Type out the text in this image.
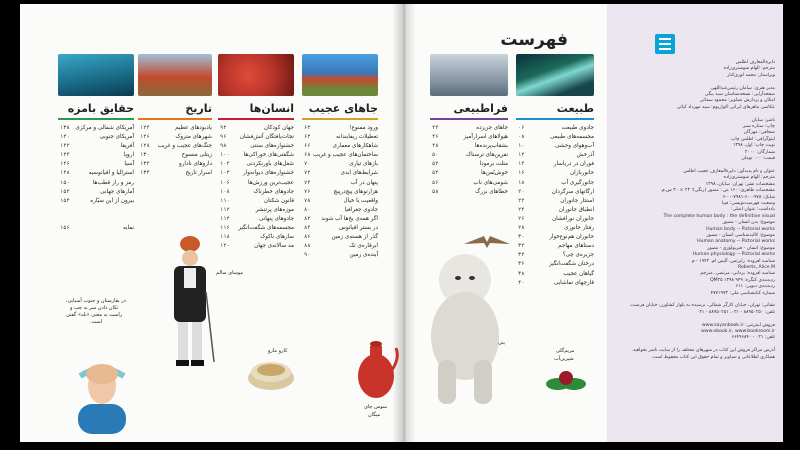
فهرست
طبیعت
جادوی طبیعت
۰۶
مجسمه‌های طبیعی
۰۸
آب‌وهوای وحشی
۱۰
آذرخش
۱۲
فوران در دریاسار
۱۴
جانوربازان
۱۶
جانورگیری آب
۱۸
ارگانهای سرگردان
۲۰
استتار جانوران
۲۲
انطباق جانوران
۲۴
جانوران نورافشان
۲۶
رفتار جانوری
۲۸
جانوران هم‌نوع‌خوار
۳۰
دستاهای مهاجم
۳۲
جزیره‌ی چی؟
۳۴
درختان شگفت‌انگیز
۳۶
گیاهان عجیب
۳۸
قارچهای تماشایی
۴۰
فراطبیعی
جاهای جن‌زده
۴۴
هیولاهای اسرارآمیز
۴۶
بشقاب‌پرنده‌ها
۴۸
نفرین‌های ترسناک
۵۰
مثلث برمودا
۵۲
خوش‌یُمن‌ها
۵۴
شومی‌های ناب
۵۶
خطاهای بزرگ
۵۸
جاهای عجیب
ورود ممنوع!
۶۲
تعطیلات ریفابندانه
۶۴
شاهکارهای معماری
۶۶
ساختمان‌های عجیب و غریب
۶۸
بازهای تیاری
۷۰
شرایط‌های ابدی
۷۲
پنهان در آب
۷۴
هزارتوهای پیچ‌درپیچ
۷۶
واقعیت یا خیال
۷۸
جادوی جغرافیا
۸۰
اگر همه‌ی یخ‌ها آب شوند
۸۲
در بستر اقیانوس
۸۴
گذر از هسته‌ی زمین
۸۶
ابرقاره‌ی تک
۸۸
آینده‌ی زمین
۹۰
انسان‌ها
جهان کودکان
۹۴
نجات‌یافتگان آتش‌فشان
۹۶
جشنواره‌های سنتی
۹۸
شگفتی‌های خوراکی‌ها
۱۰۰
شغل‌های باورنکردنی
۱۰۲
جشنواره‌های دیوانه‌وار
۱۰۴
عجیب‌ترین ورزش‌ها
۱۰۶
جادوهای خطرناک
۱۰۸
قانون شکنان
۱۱۰
موزه‌های پرتنشر
۱۱۲
جادوهای پنهانی
۱۱۴
مجسمه‌های شگفت‌انگیز
۱۱۶
سازهای ناکوک
۱۱۸
مد سالانه‌ی جهان
۱۲۰
تاریخ
یادبودهای عظیم
۱۲۴
شهرهای متروک
۱۲۶
جنگ‌های عجیب و غریب
۱۲۸
زیتلی منسوخ
۱۳۰
داروهای نادارو
۱۳۲
اسرار تاریخ
۱۳۴
حقایق بامزه
آمریکای شمالی و مرکزی
۱۳۸
آمریکای جنوبی
۱۴۰
آفریقا
۱۴۲
اروپا
۱۴۴
آسیا
۱۴۶
استرالیا و اقیانوسیه
۱۴۸
رمز و راز قطب‌ها
۱۵۰
آمارهای جهانی
۱۵۲
بیرون از این سیّاره
۱۵۴

نمایه
۱۵۶
موسای سالم
کارو مازو
سوس چای
میگان
یتی
مریم‌گلی
شیرین‌آب
در بقارستان و جنوب آسیایی،
تکان دادن سر به چپ و
راست به معنی «بله» گفتن
است.

دایرةالمعارف اطلس

مترجم: الهام شوشتری‌زاده

ویراستار: محمد لوری‌کنار

مدیر هنری: سامان رئیس‌عبداللهی

صفحه‌آرایی: نسخه‌شناسان سید بیگی

امکان و پردازش تصاویر: محمود سمائی

عکاسی ماهرهای ایرانی اکواریوم: سید مهرداد کیائی

ناشر: سایان

چاپ: ستاره سبز

صحافی: مهرگان

لیتوگرافی: اطلس چاپ

نوبت چاپ: اول، ۱۳۹۸

شمارگان: ۲۰۰۰

قیمت: ۰۰۰ تومان

عنوان و نام پدیدآور: دایرةالمعارف عجیب اطلس

مترجم: الهام شوشتری‌زاده

مشخصات نشر: تهران: سایان، ۱۳۹۸

مشخصات ظاهری: ۱۶۰ ص.: مصور (رنگی)؛ ۲۳ × ۳۰ س.م.

شابک: ۹۷۸-۶۰۰-۷۹۸۱-۰۰-۶

وضعیت فهرست‌نویسی: فیپا

یادداشت: عنوان اصلی:

The complete human body : the definitive visual

موضوع: بدن انسان - مصور

Human body -- Pictorial works

موضوع: کالبدشناسی انسان - مصور

Human anatomy -- Pictorial works

موضوع: انسان - فیزیولوژی - مصور

Human physiology -- Pictorial works

شناسه افزوده: رابرتس، آلیس ام. ۱۹۴۲ - م

Roberts, Alice M

شناسه افزوده: یزدانی، مرتضی، مترجم

ردیه‌بندی کنگره: ۹۴۹ ۱۳۹۸ QM۲۵

ردیه‌بندی دیویی: ۶۱۱

شماره کتابشناسی ملی: ۴۷۷۱۹۷۳

نشانی: تهران، خیابان کارگر شمالی، نرسیده به بلوار کشاورز، خیابان فرصت،

تلفن: ۸۸۹۵۰۲۵۰ - ۰۲۱، ۸۸۹۵۰۲۵۱ - ۰۲۱

فروش اینترنتی: www.sayanbook.ir

www.ebook.ir, www.bookroom.ir

تلفن: ۰۲۱ - ۶۶۴۹۶۸۴۰

آدرس مراکز فروش این کتاب در شهرهای مختلف را از سایت ناشر بخواهید.

همکاری اطلاعاتی و تصاویر و تمام حقوق این کتاب محفوظ است.
